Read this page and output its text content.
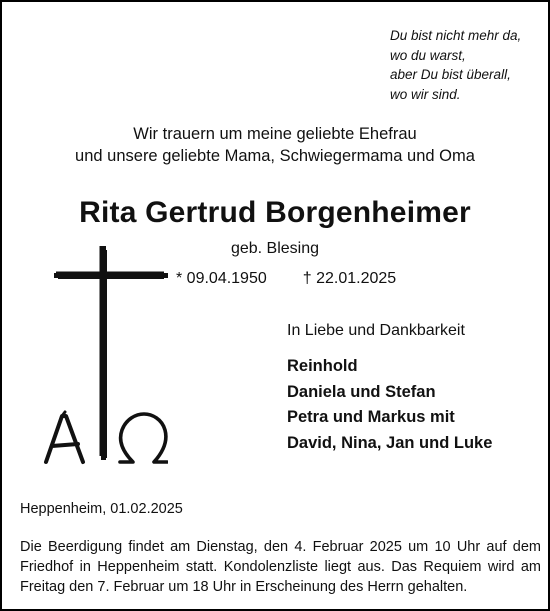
Du bist nicht mehr da,
wo du warst,
aber Du bist überall,
wo wir sind.
Wir trauern um meine geliebte Ehefrau
und unsere geliebte Mama, Schwiegermama und Oma
Rita Gertrud Borgenheimer
geb. Blesing
* 09.04.1950 † 22.01.2025
In Liebe und Dankbarkeit
Reinhold
Daniela und Stefan
Petra und Markus mit
David, Nina, Jan und Luke
Heppenheim, 01.02.2025
Die Beerdigung findet am Dienstag, den 4. Februar 2025 um 10 Uhr auf dem Friedhof in Heppenheim statt. Kondolenzliste liegt aus. Das Requiem wird am Freitag den 7. Februar um 18 Uhr in Erscheinung des Herrn gehalten.
